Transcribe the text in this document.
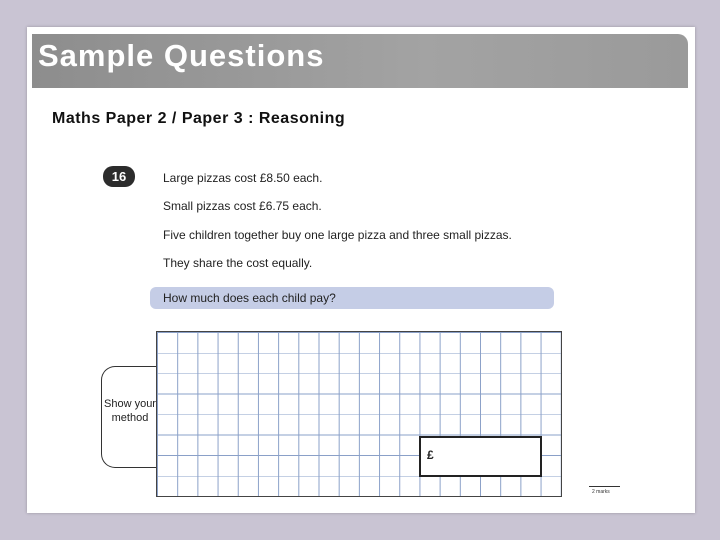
Sample Questions
Maths Paper 2 / Paper 3 : Reasoning
16	Large pizzas cost £8.50 each.
Small pizzas cost £6.75 each.
Five children together buy one large pizza and three small pizzas.
They share the cost equally.
How much does each child pay?
Show your method
£
2 marks
